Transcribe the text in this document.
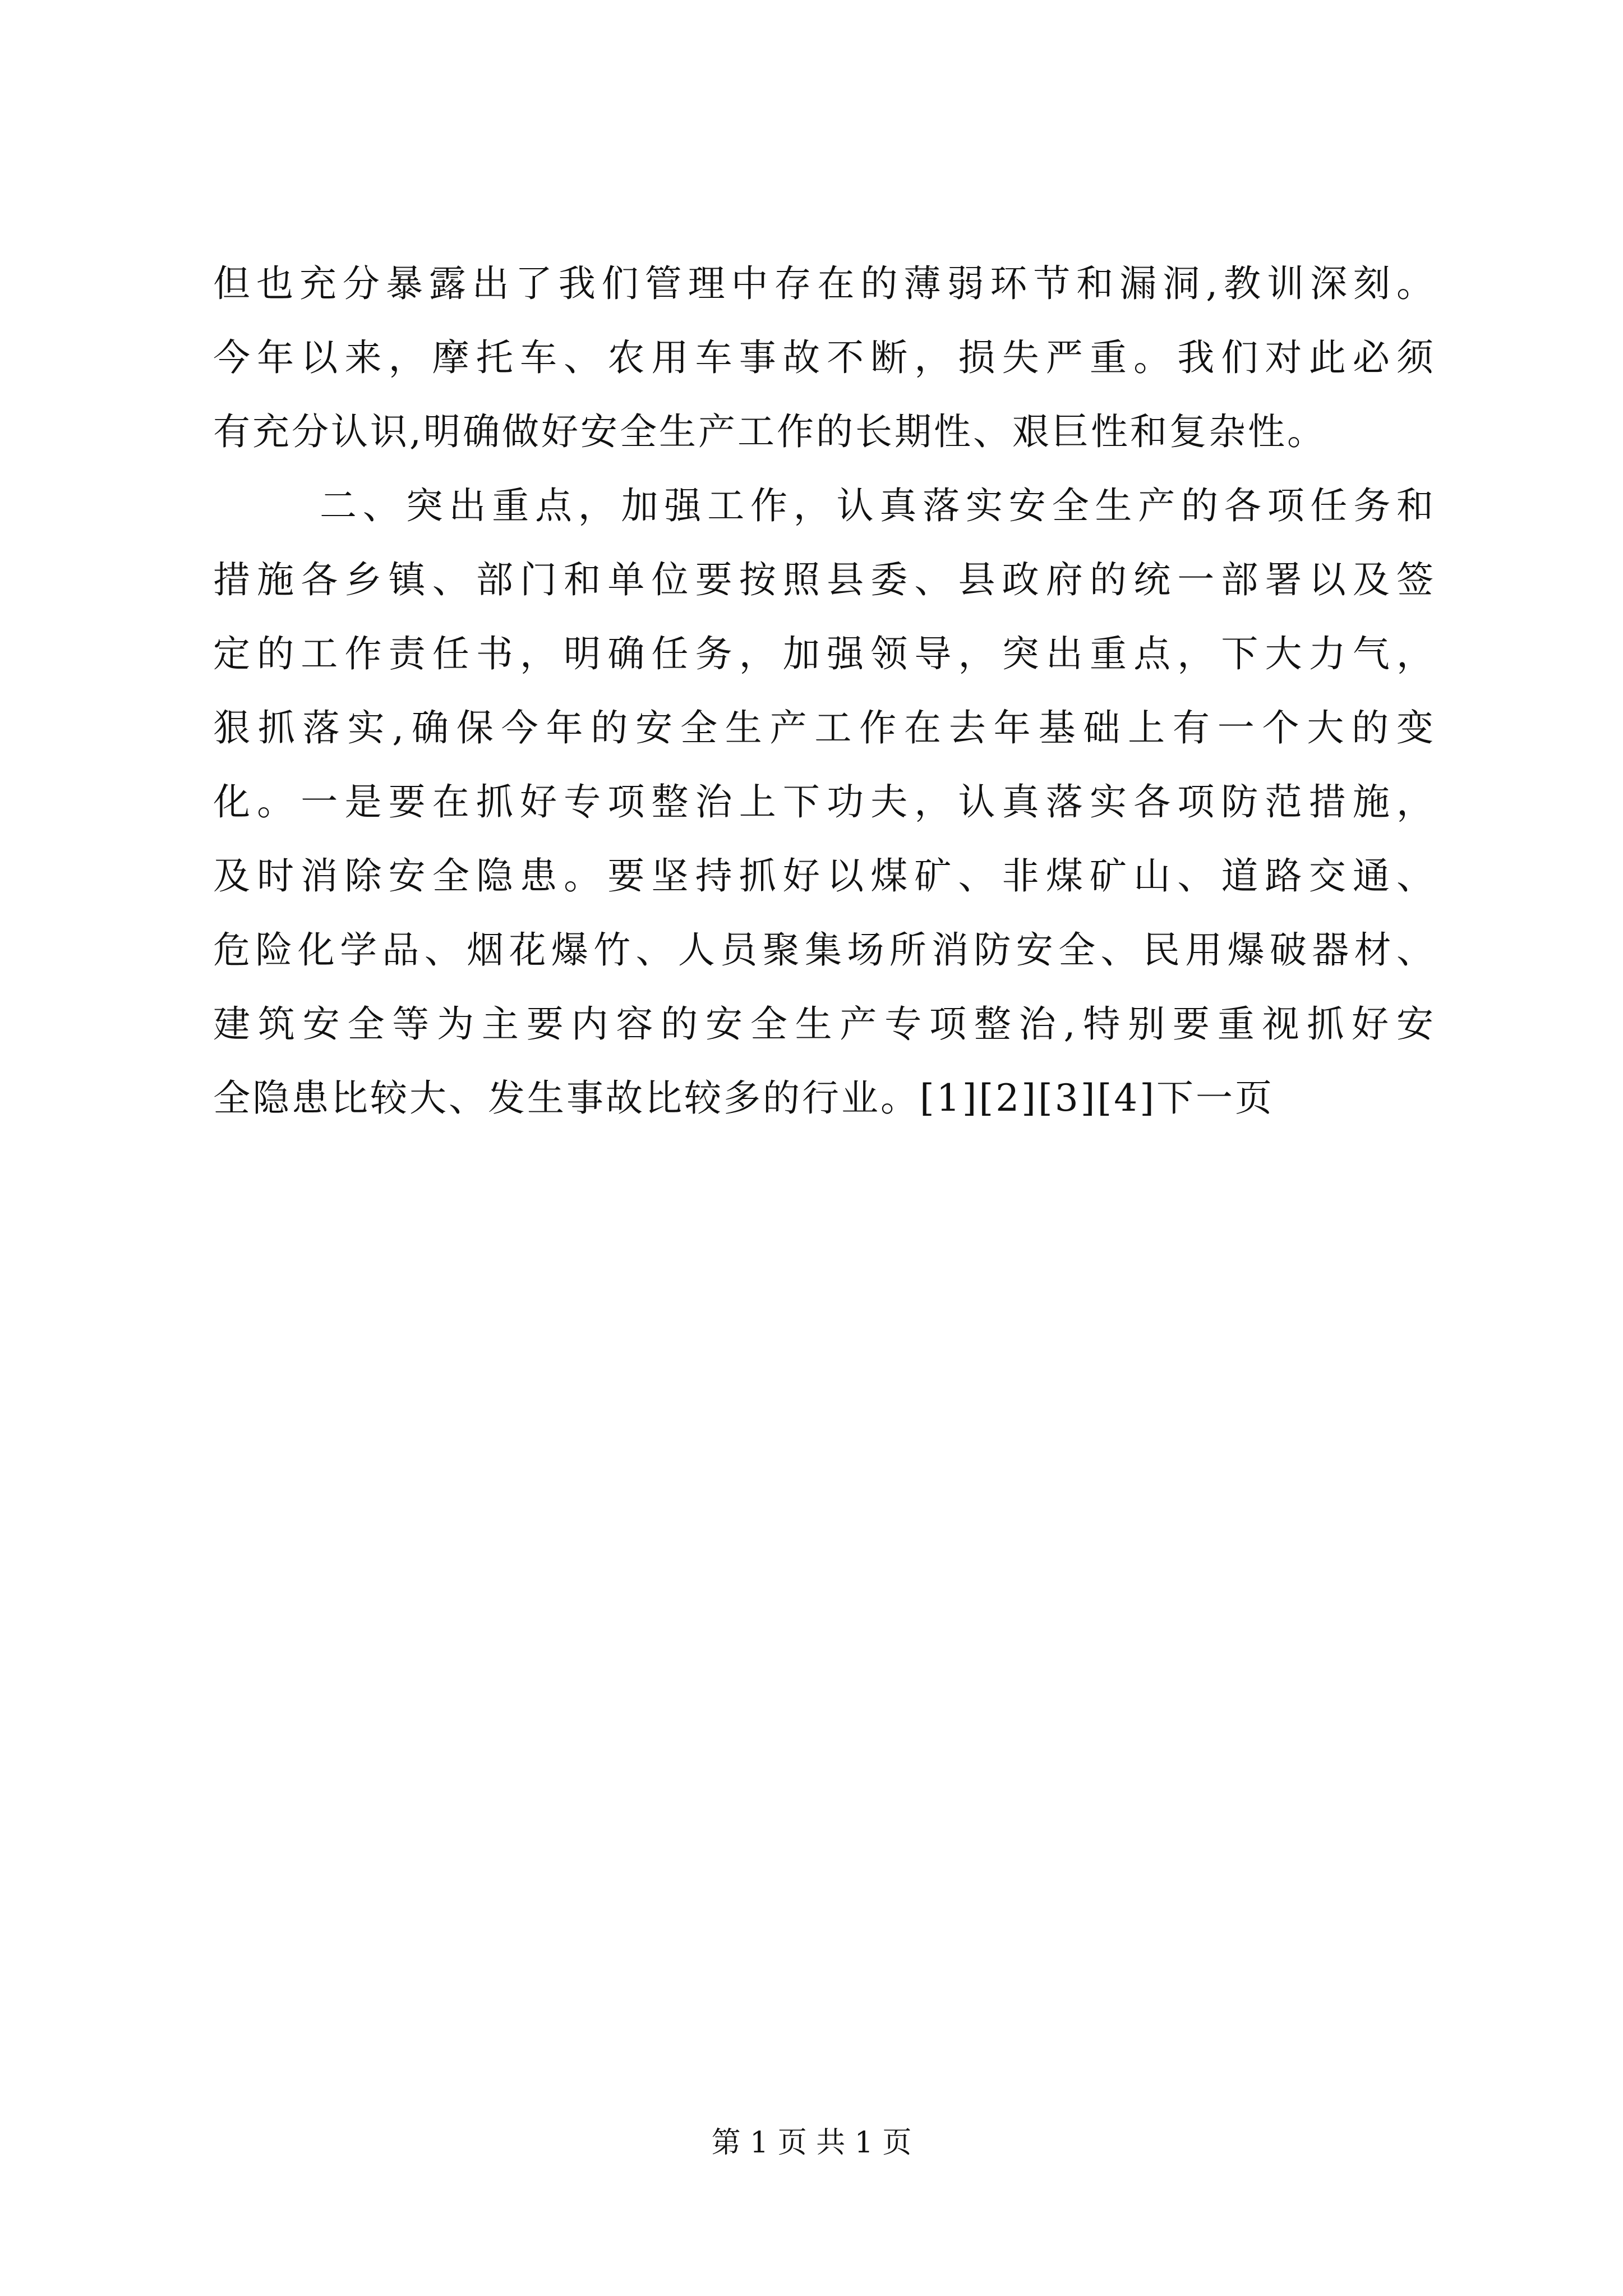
但也充分暴露出了我们管理中存在的薄弱环节和漏洞,教训深刻。
今年以来，摩托车、农用车事故不断，损失严重。我们对此必须
有充分认识,明确做好安全生产工作的长期性、艰巨性和复杂性。
二、突出重点，加强工作，认真落实安全生产的各项任务和
措施各乡镇、部门和单位要按照县委、县政府的统一部署以及签
定的工作责任书，明确任务，加强领导，突出重点，下大力气，
狠抓落实,确保今年的安全生产工作在去年基础上有一个大的变
化。一是要在抓好专项整治上下功夫，认真落实各项防范措施，
及时消除安全隐患。要坚持抓好以煤矿、非煤矿山、道路交通、
危险化学品、烟花爆竹、人员聚集场所消防安全、民用爆破器材、
建筑安全等为主要内容的安全生产专项整治,特别要重视抓好安
全隐患比较大、发生事故比较多的行业。[1][2][3][4]下一页
第 1 页 共 1 页
